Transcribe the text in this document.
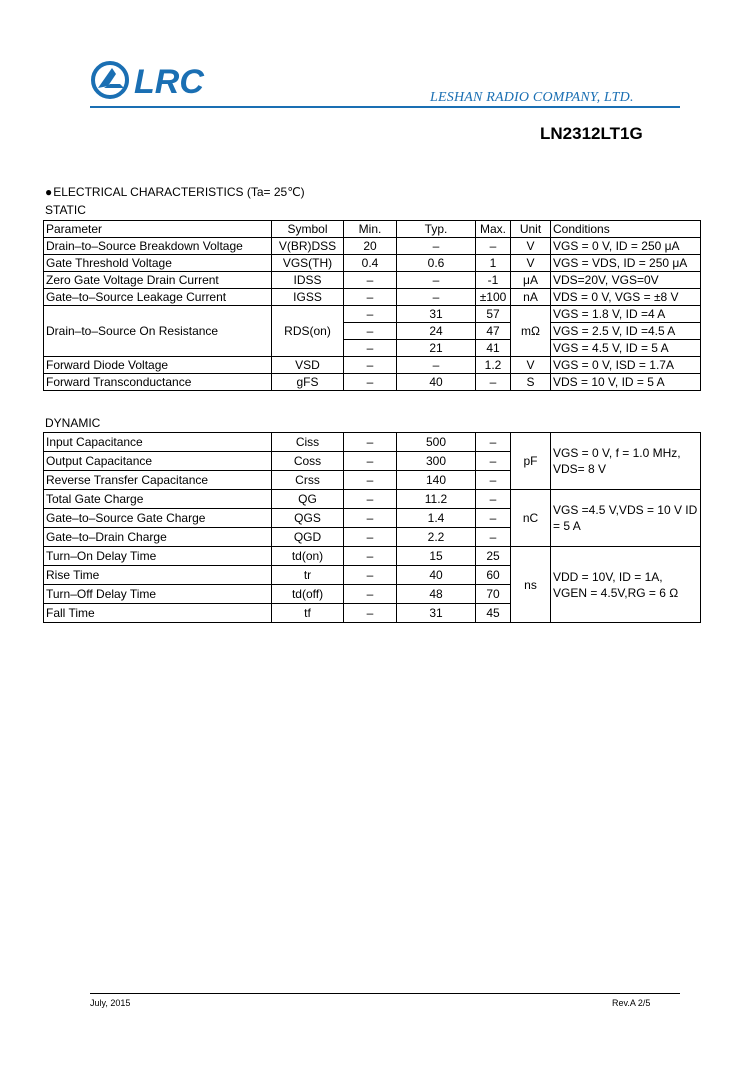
LRC	LESHAN RADIO COMPANY, LTD.
LN2312LT1G
●ELECTRICAL CHARACTERISTICS (Ta= 25℃)
STATIC
Parameter	Symbol	Min.	Typ.	Max.	Unit	Conditions
Drain–to–Source Breakdown Voltage	V(BR)DSS	20	–	–	V	VGS = 0 V, ID = 250 μA
Gate Threshold Voltage	VGS(TH)	0.4	0.6	1	V	VGS = VDS, ID = 250 μA
Zero Gate Voltage Drain Current	IDSS	–	–	-1	μA	VDS=20V, VGS=0V
Gate–to–Source Leakage Current	IGSS	–	–	±100	nA	VDS = 0 V, VGS = ±8 V
Drain–to–Source On Resistance	RDS(on)	–	31	57	mΩ	VGS = 1.8 V, ID =4 A
		–	24	47		VGS = 2.5 V, ID =4.5 A
		–	21	41		VGS = 4.5 V, ID = 5 A
Forward Diode Voltage	VSD	–	–	1.2	V	VGS = 0 V, ISD = 1.7A
Forward Transconductance	gFS	–	40	–	S	VDS = 10 V, ID = 5 A
DYNAMIC
Input Capacitance	Ciss	–	500	–	pF	VGS = 0 V, f = 1.0 MHz, VDS= 8 V
Output Capacitance	Coss	–	300	–		
Reverse Transfer Capacitance	Crss	–	140	–		
Total Gate Charge	QG	–	11.2	–	nC	VGS =4.5 V,VDS = 10 V ID = 5 A
Gate–to–Source Gate Charge	QGS	–	1.4	–		
Gate–to–Drain Charge	QGD	–	2.2	–		
Turn–On Delay Time	td(on)	–	15	25	ns	VDD = 10V, ID = 1A, VGEN = 4.5V,RG = 6 Ω
Rise Time	tr	–	40	60		
Turn–Off Delay Time	td(off)	–	48	70		
Fall Time	tf	–	31	45		
July, 2015	Rev.A 2/5
